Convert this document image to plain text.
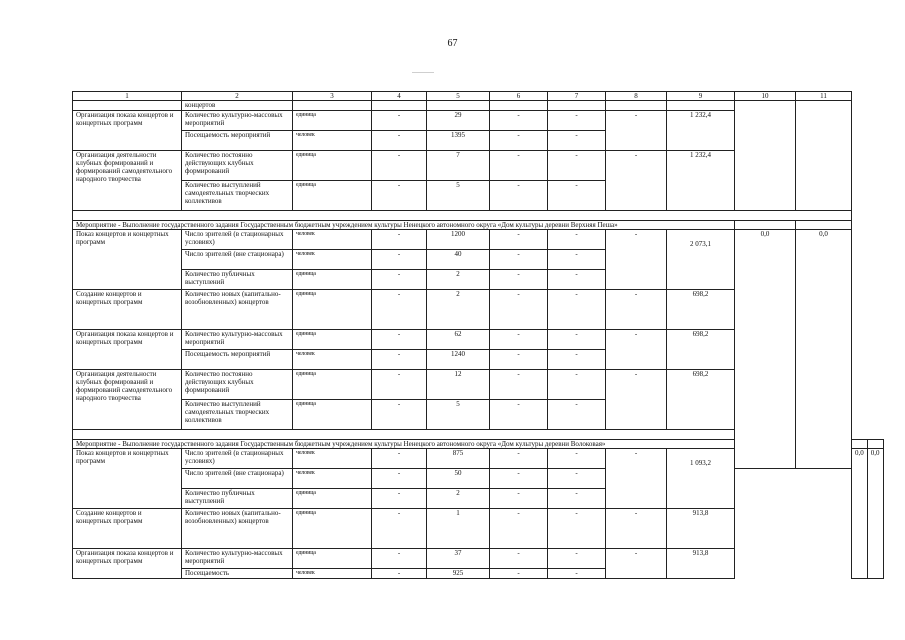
67
1	2	3	4	5	6	7	8	9	10	11		
	концертов											
Организация показа концертов и концертных программ	Количество культурно-массовых мероприятий	единица	-	29	-	-	-	1 232,4				
	Посещаемость мероприятий	человек	-	1395	-	-						
Организация деятельности клубных формирований и формирований самодеятельного народного творчества	Количество постоянно действующих клубных формирований	единица	-	7	-	-	-	1 232,4				
	Количество выступлений самодеятельных творческих коллективов	единица	-	5	-	-						

Мероприятие - Выполнение государственного задания Государственным бюджетным учреждением культуры Ненецкого автономного округа «Дом культуры деревни Верхняя Пеша»												
Показ концертов и концертных программ	Число зрителей (в стационарных условиях)	человек	-	1200	-	-	-	2 073,1	0,0	0,0		
	Число зрителей (вне стационара)	человек	-	40	-	-						
	Количество публичных выступлений	единица	-	2	-	-						
Создание концертов и концертных программ	Количество новых (капитально-возобновленных) концертов	единица	-	2	-	-	-	698,2				
Организация показа концертов и концертных программ	Количество культурно-массовых мероприятий	единица	-	62	-	-	-	698,2				
	Посещаемость мероприятий	человек	-	1240	-	-						
Организация деятельности клубных формирований и формирований самодеятельного народного творчества	Количество постоянно действующих клубных формирований	единица	-	12	-	-	-	698,2				
	Количество выступлений самодеятельных творческих коллективов	единица	-	5	-	-						

Мероприятие - Выполнение государственного задания Государственным бюджетным учреждением культуры Ненецкого автономного округа «Дом культуры деревни Волоковая»												
Показ концертов и концертных программ	Число зрителей (в стационарных условиях)	человек	-	875	-	-	-	1 093,2			0,0	0,0
	Число зрителей (вне стационара)	человек	-	50	-	-						
	Количество публичных выступлений	единица	-	2	-	-						
Создание концертов и концертных программ	Количество новых (капитально-возобновленных) концертов	единица	-	1	-	-	-	913,8				
Организация показа концертов и концертных программ	Количество культурно-массовых мероприятий	единица	-	37	-	-	-	913,8				
	Посещаемость	человек	-	925	-	-						
